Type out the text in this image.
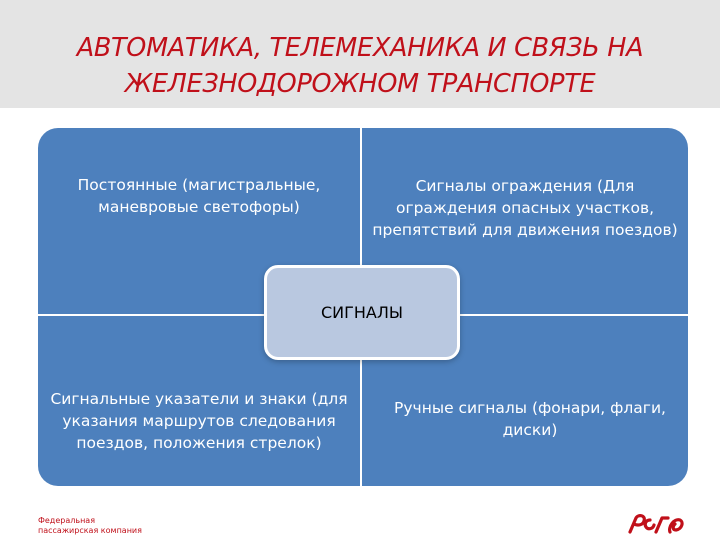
АВТОМАТИКА, ТЕЛЕМЕХАНИКА И СВЯЗЬ НА
ЖЕЛЕЗНОДОРОЖНОМ ТРАНСПОРТЕ
Постоянные (магистральные, маневровые светофоры)
Сигналы ограждения (Для ограждения опасных участков, препятствий для движения поездов)
Сигнальные указатели и знаки (для указания маршрутов следования поездов, положения стрелок)
Ручные сигналы (фонари, флаги, диски)
СИГНАЛЫ
Федеральная
пассажирская компания
